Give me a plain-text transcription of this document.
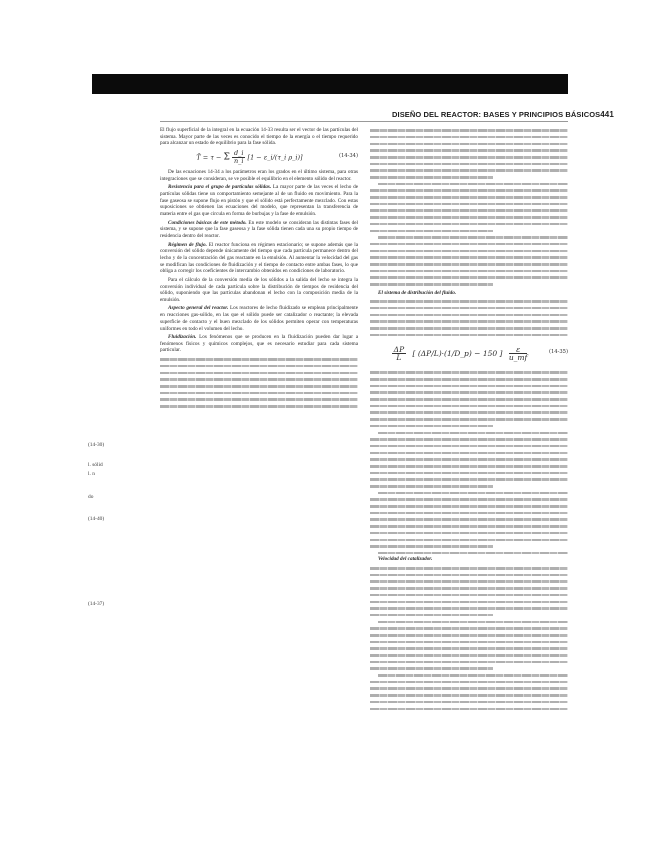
DISEÑO DEL REACTOR: BASES Y PRINCIPIOS BÁSICOS 441

El flujo superficial de la integral en la ecuación 14-33 resulta ser el vector de las partículas del sistema. Mayor parte de las veces es conocido el tiempo de la energía o el tiempo requerido para alcanzar un estado de equilibrio para la fase sólida.

T̄ = τ − Σ $\frac{d\_i}{n\_i} [1$ − ε_i/(τ_i ρ_i)]	(14-34)

De las ecuaciones 14-34 a los parámetros eran los grados en el último sistema, para otras integraciones que se consideran, se ve posible el equilibrio en el elemento sólido del reactor.

Resistencia para el grupo de partículas sólidas. La mayor parte de las veces el lecho de partículas sólidas tiene un comportamiento semejante al de un fluido en movimiento. Para la fase gaseosa se supone flujo en pistón y que el sólido está perfectamente mezclado. Con estas suposiciones se obtienen las ecuaciones del modelo, que representan la transferencia de materia entre el gas que circula en forma de burbujas y la fase de emulsión.

Condiciones básicas de este método. En este modelo se consideran las distintas fases del sistema, y se supone que la fase gaseosa y la fase sólida tienen cada una su propio tiempo de residencia dentro del reactor.

Régimen de flujo. El reactor funciona en régimen estacionario; se supone además que la conversión del sólido depende únicamente del tiempo que cada partícula permanece dentro del lecho y de la concentración del gas reactante en la emulsión. Al aumentar la velocidad del gas se modifican las condiciones de fluidización y el tiempo de contacto entre ambas fases, lo que obliga a corregir los coeficientes de intercambio obtenidos en condiciones de laboratorio.

Para el cálculo de la conversión media de los sólidos a la salida del lecho se integra la conversión individual de cada partícula sobre la distribución de tiempos de residencia del sólido, suponiendo que las partículas abandonan el lecho con la composición media de la emulsión.

Aspecto general del reactor. Los reactores de lecho fluidizado se emplean principalmente en reacciones gas-sólido, en las que el sólido puede ser catalizador o reactante; la elevada superficie de contacto y el buen mezclado de los sólidos permiten operar con temperaturas uniformes en todo el volumen del lecho.

Fluidización. Los fenómenos que se producen en la fluidización pueden dar lugar a fenómenos físicos y químicos complejos, que es necesario estudiar para cada sistema particular.

El sistema de distribución del fluido.

$\frac{\Delta P}{L}$ [ (ΔP/L)·(1/D_p) − 150 ] $\frac{\varepsilon}{u\_mf}$	(14-35)

Velocidad del catalizador.

(14-30)
l. sólid
l. n
do
(14-40)
(14-37)
